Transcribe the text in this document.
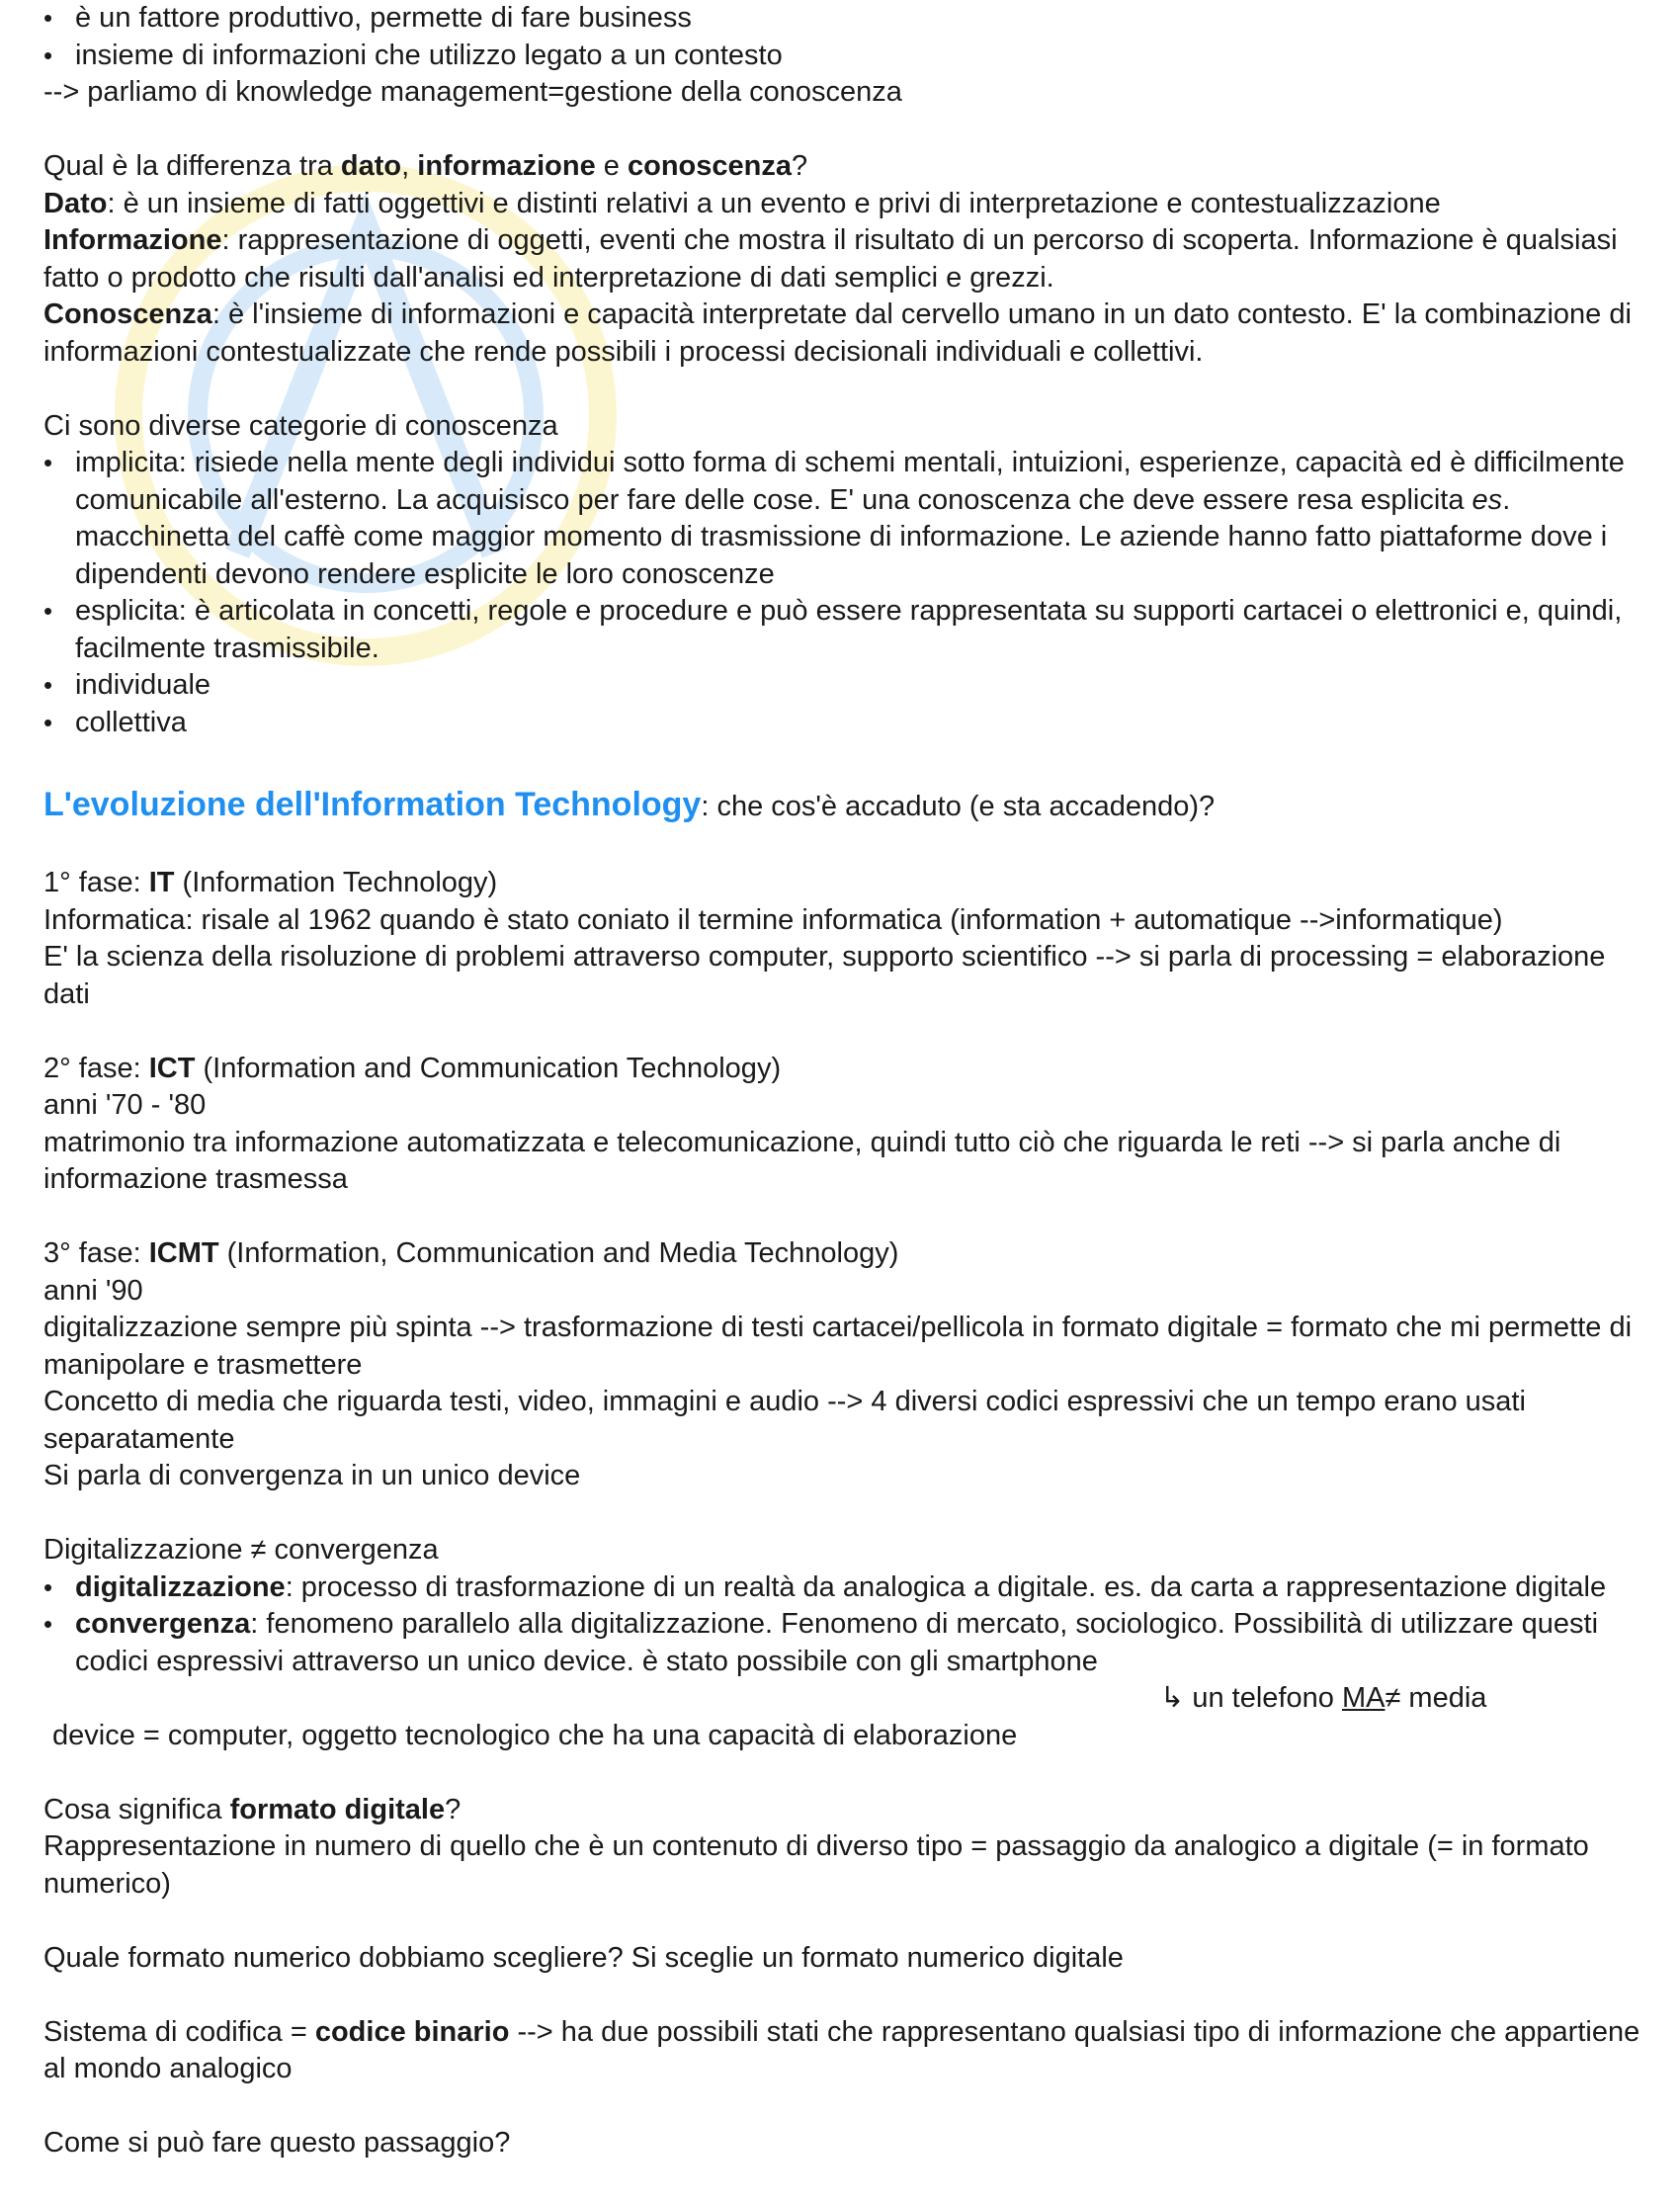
• è un fattore produttivo, permette di fare business
• insieme di informazioni che utilizzo legato a un contesto
--> parliamo di knowledge management=gestione della conoscenza
Qual è la differenza tra dato, informazione e conoscenza?
Dato: è un insieme di fatti oggettivi e distinti relativi a un evento e privi di interpretazione e contestualizzazione
Informazione: rappresentazione di oggetti, eventi che mostra il risultato di un percorso di scoperta. Informazione è qualsiasi fatto o prodotto che risulti dall'analisi ed interpretazione di dati semplici e grezzi.
Conoscenza: è l'insieme di informazioni e capacità interpretate dal cervello umano in un dato contesto. E' la combinazione di informazioni contestualizzate che rende possibili i processi decisionali individuali e collettivi.
Ci sono diverse categorie di conoscenza
• implicita: risiede nella mente degli individui sotto forma di schemi mentali, intuizioni, esperienze, capacità ed è difficilmente comunicabile all'esterno. La acquisisco per fare delle cose. E' una conoscenza che deve essere resa esplicita es. macchinetta del caffè come maggior momento di trasmissione di informazione. Le aziende hanno fatto piattaforme dove i dipendenti devono rendere esplicite le loro conoscenze
• esplicita: è articolata in concetti, regole e procedure e può essere rappresentata su supporti cartacei o elettronici e, quindi, facilmente trasmissibile.
• individuale
• collettiva
L'evoluzione dell'Information Technology: che cos'è accaduto (e sta accadendo)?
1° fase: IT (Information Technology)
Informatica: risale al 1962 quando è stato coniato il termine informatica (information + automatique -->informatique)
E' la scienza della risoluzione di problemi attraverso computer, supporto scientifico --> si parla di processing = elaborazione dati
2° fase: ICT (Information and Communication Technology)
anni '70 - '80
matrimonio tra informazione automatizzata e telecomunicazione, quindi tutto ciò che riguarda le reti --> si parla anche di informazione trasmessa
3° fase: ICMT (Information, Communication and Media Technology)
anni '90
digitalizzazione sempre più spinta --> trasformazione di testi cartacei/pellicola in formato digitale = formato che mi permette di manipolare e trasmettere
Concetto di media che riguarda testi, video, immagini e audio --> 4 diversi codici espressivi che un tempo erano usati separatamente
Si parla di convergenza in un unico device
Digitalizzazione ≠ convergenza
• digitalizzazione: processo di trasformazione di un realtà da analogica a digitale. es. da carta a rappresentazione digitale
• convergenza: fenomeno parallelo alla digitalizzazione. Fenomeno di mercato, sociologico. Possibilità di utilizzare questi codici espressivi attraverso un unico device. è stato possibile con gli smartphone
↳ un telefono MA≠ media
device = computer, oggetto tecnologico che ha una capacità di elaborazione
Cosa significa formato digitale?
Rappresentazione in numero di quello che è un contenuto di diverso tipo = passaggio da analogico a digitale (= in formato numerico)
Quale formato numerico dobbiamo scegliere? Si sceglie un formato numerico digitale
Sistema di codifica = codice binario --> ha due possibili stati che rappresentano qualsiasi tipo di informazione che appartiene al mondo analogico
Come si può fare questo passaggio?
